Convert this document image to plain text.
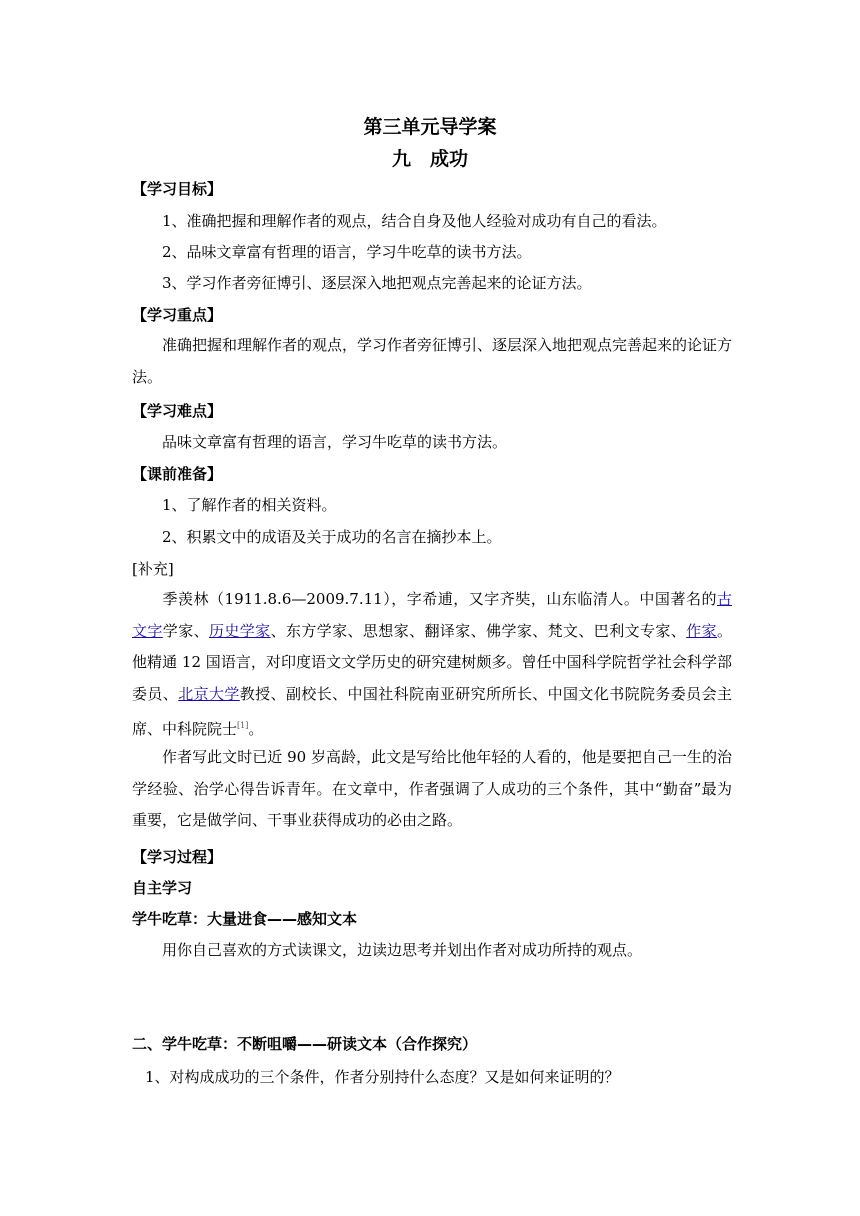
第三单元导学案
九　成功
【学习目标】
1、准确把握和理解作者的观点，结合自身及他人经验对成功有自己的看法。
2、品味文章富有哲理的语言，学习牛吃草的读书方法。
3、学习作者旁征博引、逐层深入地把观点完善起来的论证方法。
【学习重点】
准确把握和理解作者的观点，学习作者旁征博引、逐层深入地把观点完善起来的论证方法。
【学习难点】
品味文章富有哲理的语言，学习牛吃草的读书方法。
【课前准备】
1、了解作者的相关资料。
2、积累文中的成语及关于成功的名言在摘抄本上。
[补充]
季羡林（1911.8.6—2009.7.11），字希逋，又字齐奘，山东临清人。中国著名的古文字学家、历史学家、东方学家、思想家、翻译家、佛学家、梵文、巴利文专家、作家。他精通 12 国语言，对印度语文文学历史的研究建树颇多。曾任中国科学院哲学社会科学部委员、北京大学教授、副校长、中国社科院南亚研究所所长、中国文化书院院务委员会主席、中科院院士[1]。
作者写此文时已近 90 岁高龄，此文是写给比他年轻的人看的，他是要把自己一生的治学经验、治学心得告诉青年。在文章中，作者强调了人成功的三个条件，其中“勤奋”最为重要，它是做学问、干事业获得成功的必由之路。
【学习过程】
自主学习
学牛吃草：大量进食——感知文本
用你自己喜欢的方式读课文，边读边思考并划出作者对成功所持的观点。
二、学牛吃草：不断咀嚼——研读文本（合作探究）
1、对构成成功的三个条件，作者分别持什么态度？又是如何来证明的？
